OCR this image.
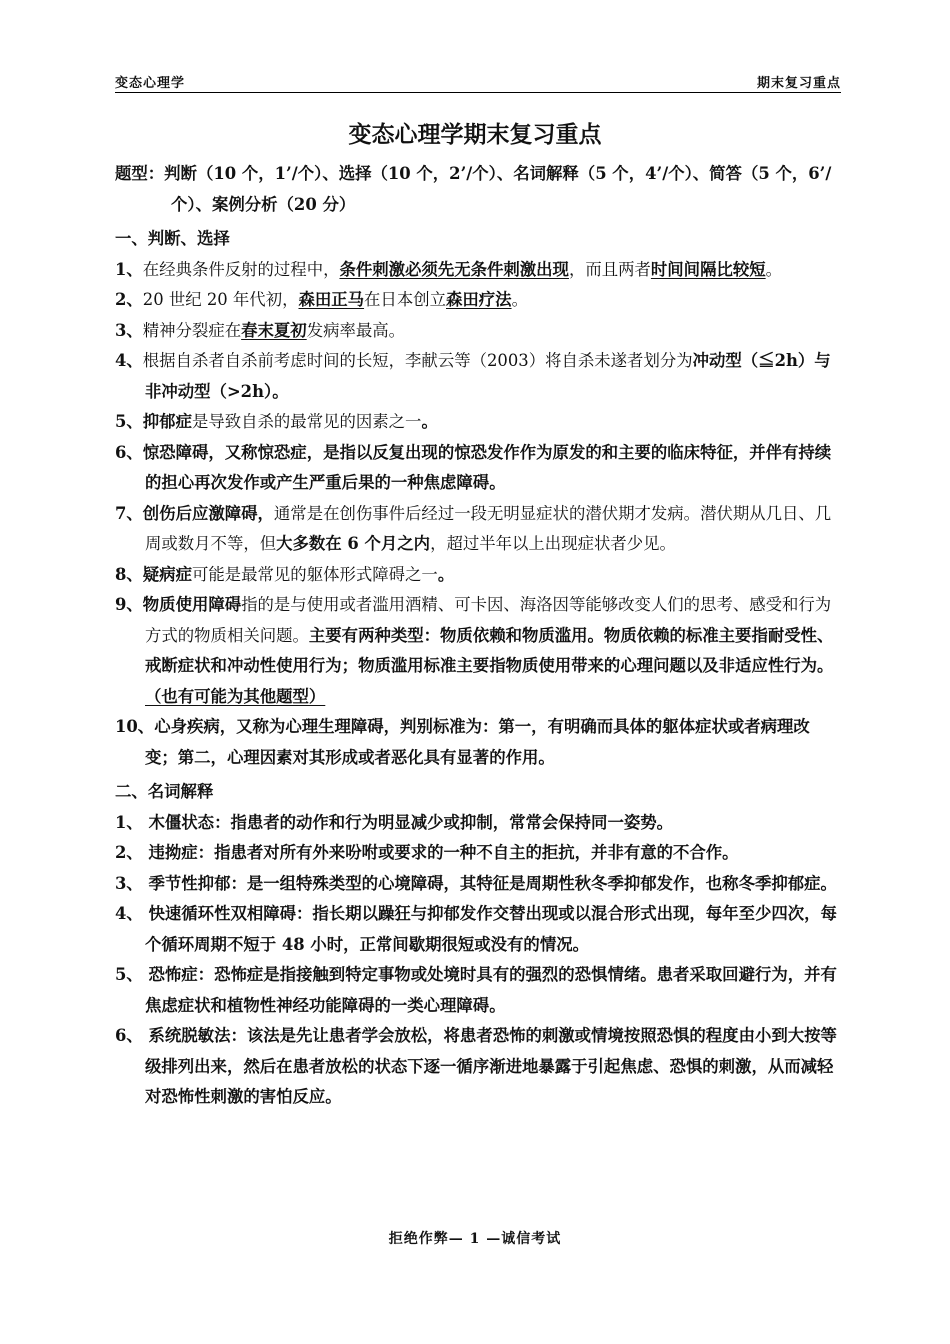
变态心理学	期末复习重点
变态心理学期末复习重点

题型：判断（10 个，1’/个）、选择（10 个，2’/个）、名词解释（5 个，4’/个）、简答（5 个，6’/个）、案例分析（20 分）

一、判断、选择

1、在经典条件反射的过程中，条件刺激必须先无条件刺激出现，而且两者时间间隔比较短。

2、20 世纪 20 年代初，森田正马在日本创立森田疗法。

3、精神分裂症在春末夏初发病率最高。

4、根据自杀者自杀前考虑时间的长短，李献云等（2003）将自杀未遂者划分为冲动型（≦2h）与非冲动型（>2h）。

5、抑郁症是导致自杀的最常见的因素之一。

6、惊恐障碍，又称惊恐症，是指以反复出现的惊恐发作作为原发的和主要的临床特征，并伴有持续的担心再次发作或产生严重后果的一种焦虑障碍。

7、创伤后应激障碍，通常是在创伤事件后经过一段无明显症状的潜伏期才发病。潜伏期从几日、几周或数月不等，但大多数在 6 个月之内，超过半年以上出现症状者少见。

8、疑病症可能是最常见的躯体形式障碍之一。

9、物质使用障碍指的是与使用或者滥用酒精、可卡因、海洛因等能够改变人们的思考、感受和行为方式的物质相关问题。主要有两种类型：物质依赖和物质滥用。物质依赖的标准主要指耐受性、戒断症状和冲动性使用行为；物质滥用标准主要指物质使用带来的心理问题以及非适应性行为。（也有可能为其他题型）

10、心身疾病，又称为心理生理障碍，判别标准为：第一，有明确而具体的躯体症状或者病理改变；第二，心理因素对其形成或者恶化具有显著的作用。

二、名词解释

1、 木僵状态：指患者的动作和行为明显减少或抑制，常常会保持同一姿势。

2、 违拗症：指患者对所有外来吩咐或要求的一种不自主的拒抗，并非有意的不合作。

3、 季节性抑郁：是一组特殊类型的心境障碍，其特征是周期性秋冬季抑郁发作，也称冬季抑郁症。

4、 快速循环性双相障碍：指长期以躁狂与抑郁发作交替出现或以混合形式出现，每年至少四次，每个循环周期不短于 48 小时，正常间歇期很短或没有的情况。

5、 恐怖症：恐怖症是指接触到特定事物或处境时具有的强烈的恐惧情绪。患者采取回避行为，并有焦虑症状和植物性神经功能障碍的一类心理障碍。

6、 系统脱敏法：该法是先让患者学会放松，将患者恐怖的刺激或情境按照恐惧的程度由小到大按等级排列出来，然后在患者放松的状态下逐一循序渐进地暴露于引起焦虑、恐惧的刺激，从而减轻对恐怖性刺激的害怕反应。

拒绝作弊— 1 —诚信考试
